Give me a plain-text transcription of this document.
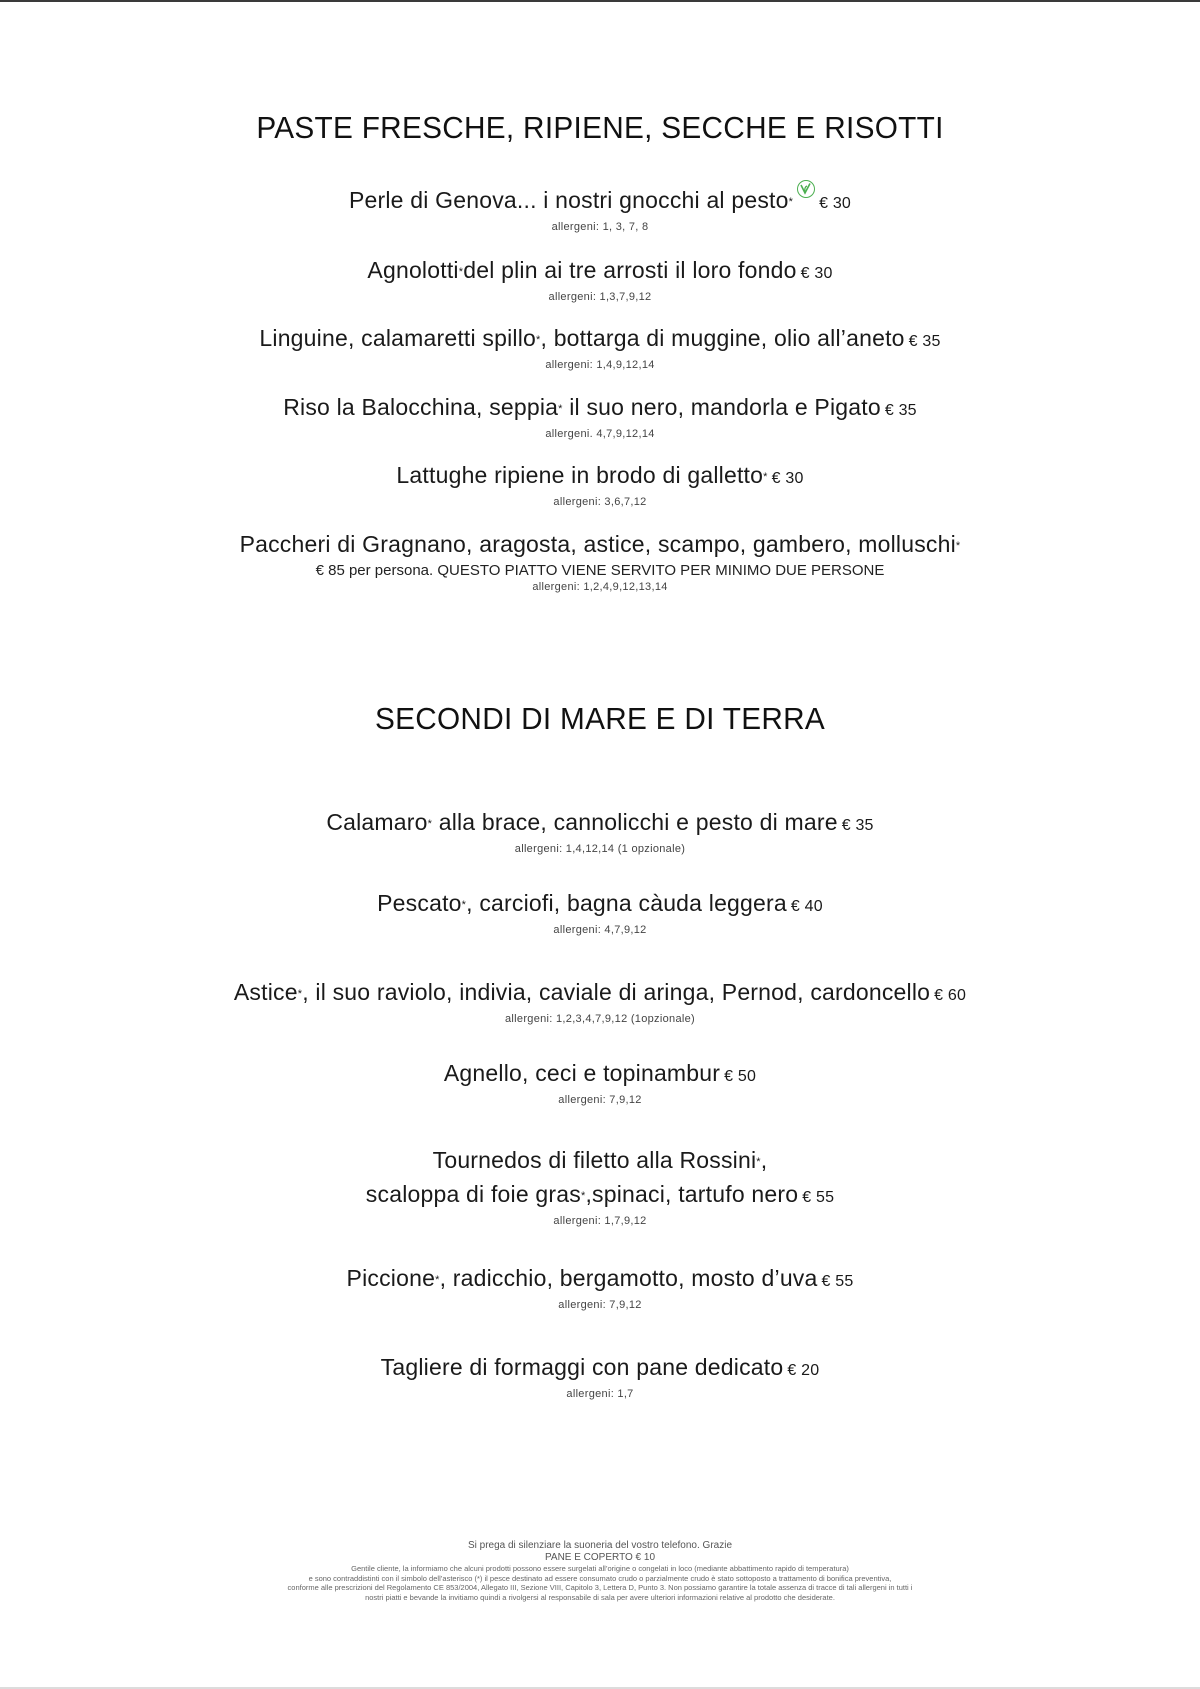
PASTE FRESCHE, RIPIENE, SECCHE E RISOTTI
Perle di Genova... i nostri gnocchi al pesto* € 30
allergeni: 1, 3, 7, 8
Agnolotti*del plin ai tre arrosti il loro fondo € 30
allergeni: 1,3,7,9,12
Linguine, calamaretti spillo*, bottarga di muggine, olio all’aneto € 35
allergeni: 1,4,9,12,14
Riso la Balocchina, seppia* il suo nero, mandorla e Pigato € 35
allergeni. 4,7,9,12,14
Lattughe ripiene in brodo di galletto* € 30
allergeni: 3,6,7,12
Paccheri di Gragnano, aragosta, astice, scampo, gambero, molluschi*
€ 85 per persona. QUESTO PIATTO VIENE SERVITO PER MINIMO DUE PERSONE
allergeni: 1,2,4,9,12,13,14
SECONDI DI MARE E DI TERRA
Calamaro* alla brace, cannolicchi e pesto di mare € 35
allergeni: 1,4,12,14 (1 opzionale)
Pescato*, carciofi, bagna càuda leggera € 40
allergeni: 4,7,9,12
Astice*, il suo raviolo, indivia, caviale di aringa, Pernod, cardoncello € 60
allergeni: 1,2,3,4,7,9,12 (1opzionale)
Agnello, ceci e topinambur € 50
allergeni: 7,9,12
Tournedos di filetto alla Rossini*,
scaloppa di foie gras*,spinaci, tartufo nero € 55
allergeni: 1,7,9,12
Piccione*, radicchio, bergamotto, mosto d’uva € 55
allergeni: 7,9,12
Tagliere di formaggi con pane dedicato € 20
allergeni: 1,7
Si prega di silenziare la suoneria del vostro telefono. Grazie
PANE E COPERTO € 10
Gentile cliente, la informiamo che alcuni prodotti possono essere surgelati all’origine o congelati in loco (mediante abbattimento rapido di temperatura)
e sono contraddistinti con il simbolo dell’asterisco (*) il pesce destinato ad essere consumato crudo o parzialmente crudo è stato sottoposto a trattamento di bonifica preventiva,
conforme alle prescrizioni del Regolamento CE 853/2004, Allegato III, Sezione VIII, Capitolo 3, Lettera D, Punto 3. Non possiamo garantire la totale assenza di tracce di tali allergeni in tutti i
nostri piatti e bevande la invitiamo quindi a rivolgersi al responsabile di sala per avere ulteriori informazioni relative al prodotto che desiderate.
